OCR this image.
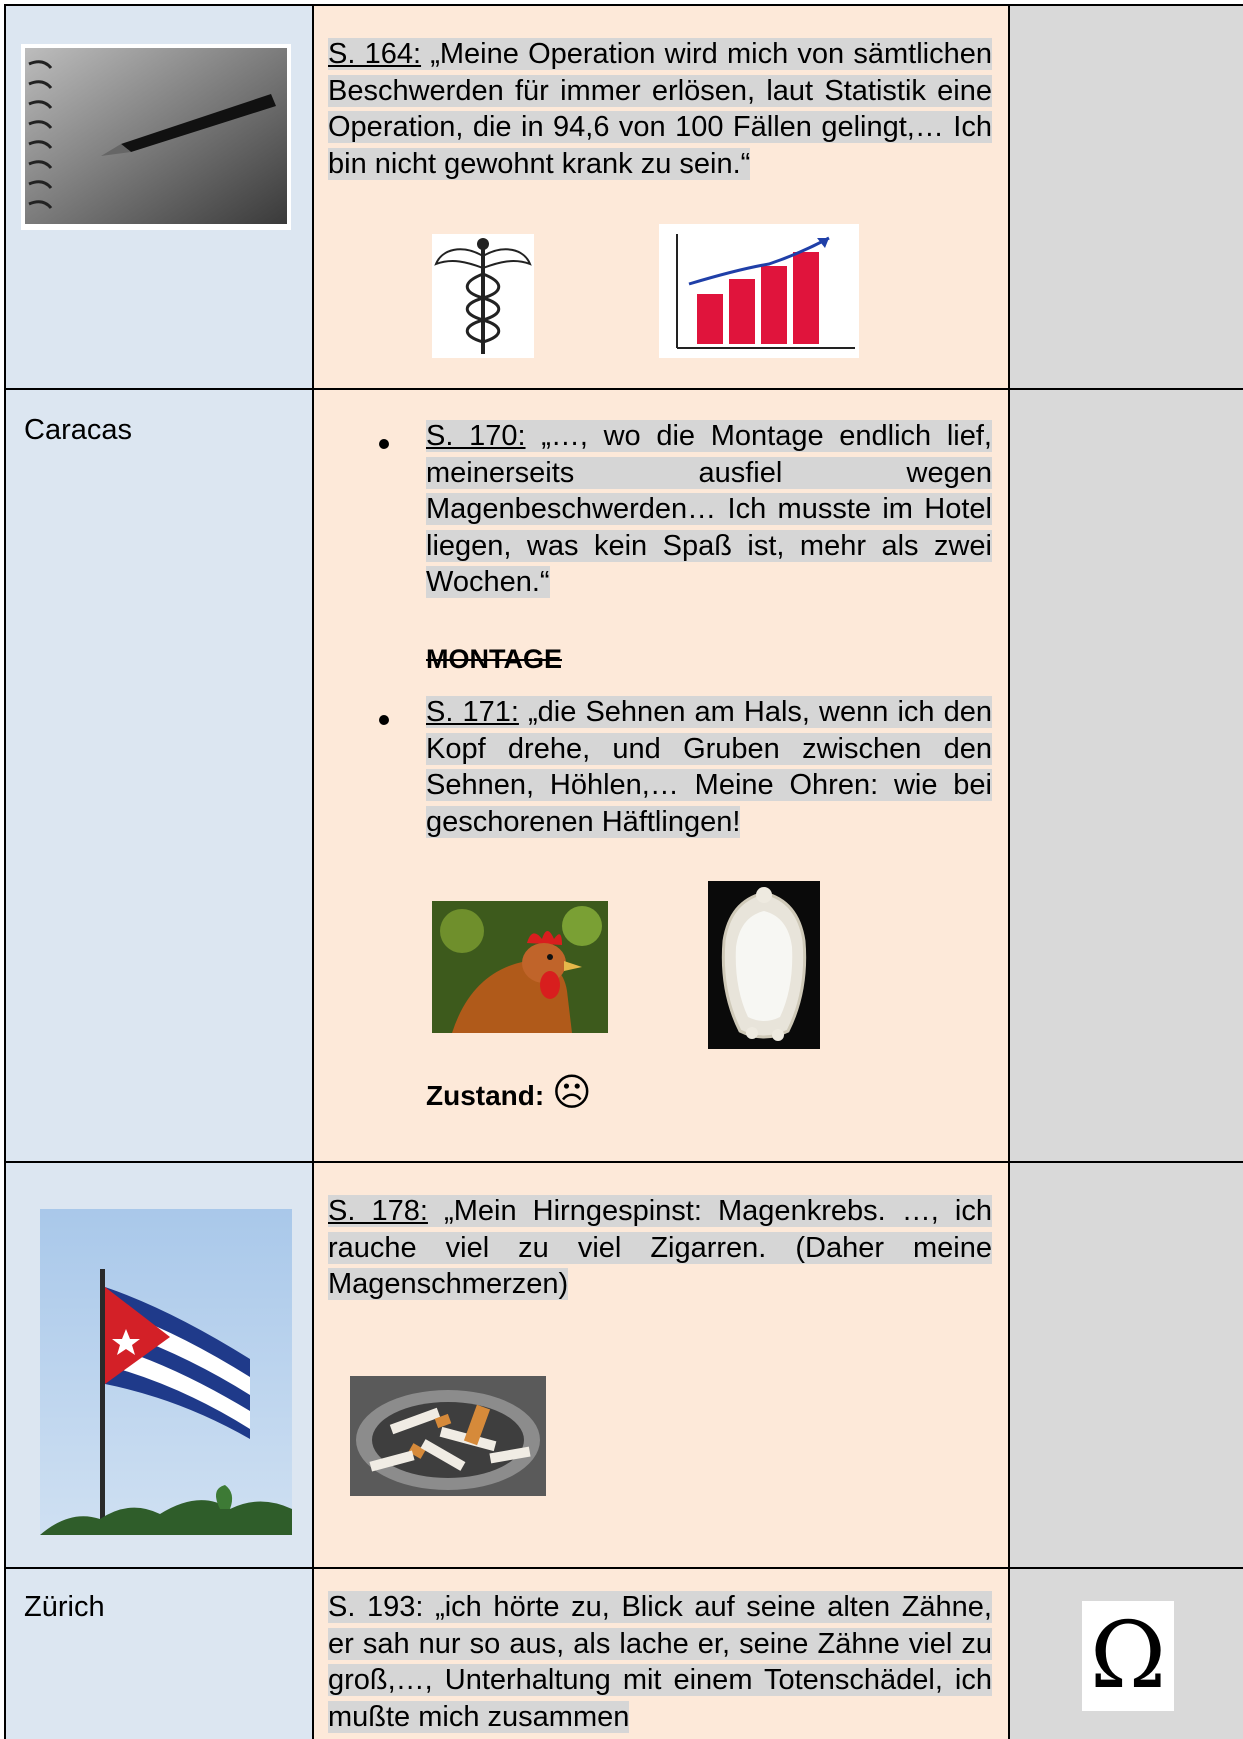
S. 164: „Meine Operation wird mich von sämtlichen Beschwerden für immer erlösen, laut Statistik eine Operation, die in 94,6 von 100 Fällen gelingt,… Ich bin nicht gewohnt krank zu sein.“
Caracas	S. 170: „…, wo die Montage endlich lief, meinerseits ausfiel wegen Magenbeschwerden… Ich musste im Hotel liegen, was kein Spaß ist, mehr als zwei Wochen.“
MONTAGE
S. 171: „die Sehnen am Hals, wenn ich den Kopf drehe, und Gruben zwischen den Sehnen, Höhlen,… Meine Ohren: wie bei geschorenen Häftlingen!
Zustand: ☹
S. 178: „Mein Hirngespinst: Magenkrebs. …, ich rauche viel zu viel Zigarren. (Daher meine Magenschmerzen)
Zürich	S. 193: „ich hörte zu, Blick auf seine alten Zähne, er sah nur so aus, als lache er, seine Zähne viel zu groß,…, Unterhaltung mit einem Totenschädel, ich mußte mich zusammen
Ω
